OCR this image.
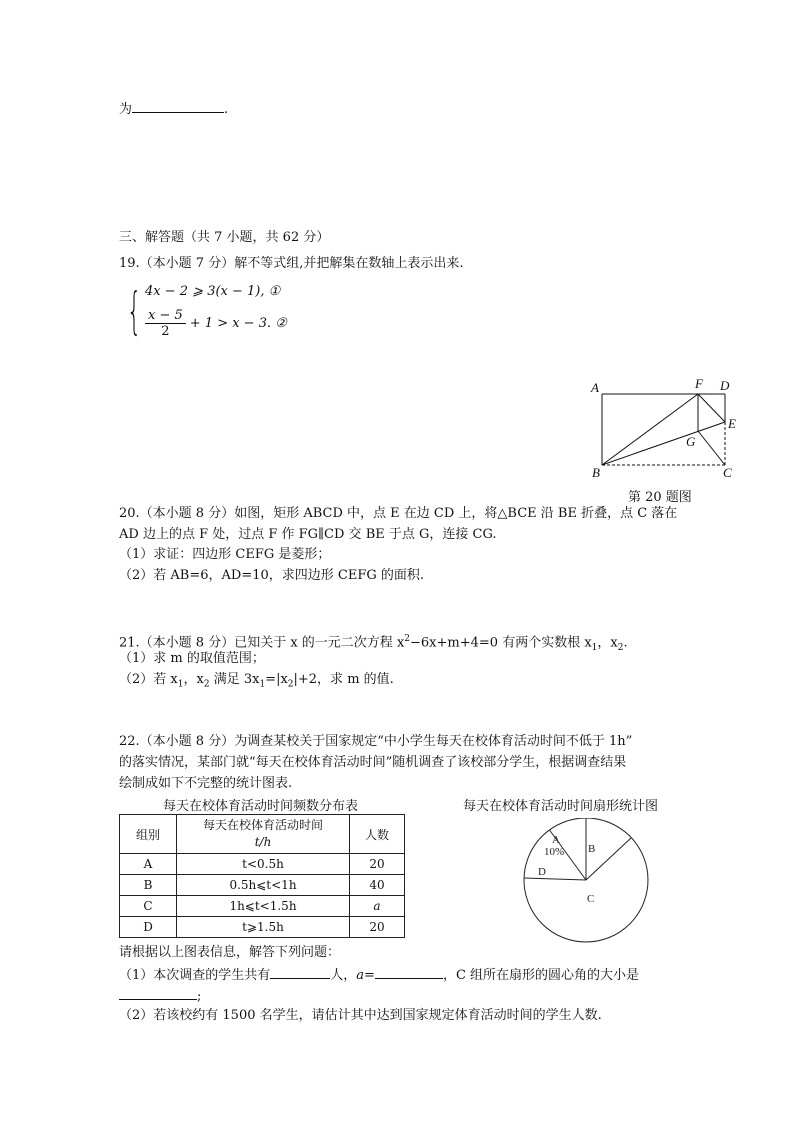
为	.
三、解答题（共 7 小题，共 62 分）
19.（本小题 7 分）解不等式组,并把解集在数轴上表示出来.
{ 4x − 2 ⩾ 3(x − 1), ①
$\frac{x - 5}{2} + 1 > x - 3$. ②
A	F D
E
G
B	C
第 20 题图
20.（本小题 8 分）如图，矩形 ABCD 中，点 E 在边 CD 上，将△BCE 沿 BE 折叠，点 C 落在
AD 边上的点 F 处，过点 F 作 FG∥CD 交 BE 于点 G，连接 CG.
（1）求证：四边形 CEFG 是菱形；
（2）若 AB=6，AD=10，求四边形 CEFG 的面积.
21.（本小题 8 分）已知关于 x 的一元二次方程 $x^2-6x+m+4=0$ 有两个实数根 $x_1$，$x_2$.
（1）求 m 的取值范围；
（2）若 $x_1$，$x_2$ 满足 $3x_1=|x_2|+2$，求 m 的值.
22.（本小题 8 分）为调查某校关于国家规定“中小学生每天在校体育活动时间不低于 1h”
的落实情况，某部门就“每天在校体育活动时间”随机调查了该校部分学生，根据调查结果
绘制成如下不完整的统计图表.
每天在校体育活动时间频数分布表	每天在校体育活动时间扇形统计图
组别	每天在校体育活动时间
t/h	人数
A	t<0.5h	20
B	0.5h⩽t<1h	40
C	1h⩽t<1.5h	a
D	t⩾1.5h	20
A
10% B
D
C
请根据以上图表信息，解答下列问题：
（1）本次调查的学生共有	人，a=	，C 组所在扇形的圆心角的大小是
;
（2）若该校约有 1500 名学生，请估计其中达到国家规定体育活动时间的学生人数.
